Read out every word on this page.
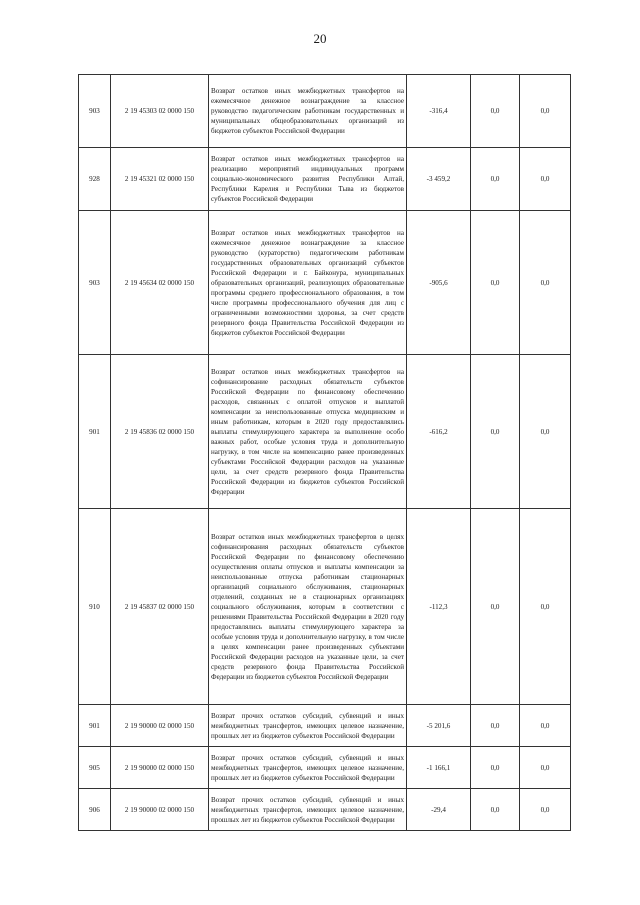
20
903	2 19 45303 02 0000 150	Возврат остатков иных межбюджетных трансфертов на ежемесячное денежное вознаграждение за классное руководство педагогическим работникам государственных и муниципальных общеобразовательных организаций из бюджетов субъектов Российской Федерации	-316,4	0,0	0,0
928	2 19 45321 02 0000 150	Возврат остатков иных межбюджетных трансфертов на реализацию мероприятий индивидуальных программ социально-экономического развития Республики Алтай, Республики Карелия и Республики Тыва из бюджетов субъектов Российской Федерации	-3 459,2	0,0	0,0
903	2 19 45634 02 0000 150	Возврат остатков иных межбюджетных трансфертов на ежемесячное денежное вознаграждение за классное руководство (кураторство) педагогическим работникам государственных образовательных организаций субъектов Российской Федерации и г. Байконура, муниципальных образовательных организаций, реализующих образовательные программы среднего профессионального образования, в том числе программы профессионального обучения для лиц с ограниченными возможностями здоровья, за счет средств резервного фонда Правительства Российской Федерации из бюджетов субъектов Российской Федерации	-905,6	0,0	0,0
901	2 19 45836 02 0000 150	Возврат остатков иных межбюджетных трансфертов на софинансирование расходных обязательств субъектов Российской Федерации по финансовому обеспечению расходов, связанных с оплатой отпусков и выплатой компенсации за неиспользованные отпуска медицинским и иным работникам, которым в 2020 году предоставлялись выплаты стимулирующего характера за выполнение особо важных работ, особые условия труда и дополнительную нагрузку, в том числе на компенсацию ранее произведенных субъектами Российской Федерации расходов на указанные цели, за счет средств резервного фонда Правительства Российской Федерации из бюджетов субъектов Российской Федерации	-616,2	0,0	0,0
910	2 19 45837 02 0000 150	Возврат остатков иных межбюджетных трансфертов в целях софинансирования расходных обязательств субъектов Российской Федерации по финансовому обеспечению осуществления оплаты отпусков и выплаты компенсации за неиспользованные отпуска работникам стационарных организаций социального обслуживания, стационарных отделений, созданных не в стационарных организациях социального обслуживания, которым в соответствии с решениями Правительства Российской Федерации в 2020 году предоставлялись выплаты стимулирующего характера за особые условия труда и дополнительную нагрузку, в том числе в целях компенсации ранее произведенных субъектами Российской Федерации расходов на указанные цели, за счет средств резервного фонда Правительства Российской Федерации из бюджетов субъектов Российской Федерации	-112,3	0,0	0,0
901	2 19 90000 02 0000 150	Возврат прочих остатков субсидий, субвенций и иных межбюджетных трансфертов, имеющих целевое назначение, прошлых лет из бюджетов субъектов Российской Федерации	-5 201,6	0,0	0,0
905	2 19 90000 02 0000 150	Возврат прочих остатков субсидий, субвенций и иных межбюджетных трансфертов, имеющих целевое назначение, прошлых лет из бюджетов субъектов Российской Федерации	-1 166,1	0,0	0,0
906	2 19 90000 02 0000 150	Возврат прочих остатков субсидий, субвенций и иных межбюджетных трансфертов, имеющих целевое назначение, прошлых лет из бюджетов субъектов Российской Федерации	-29,4	0,0	0,0
